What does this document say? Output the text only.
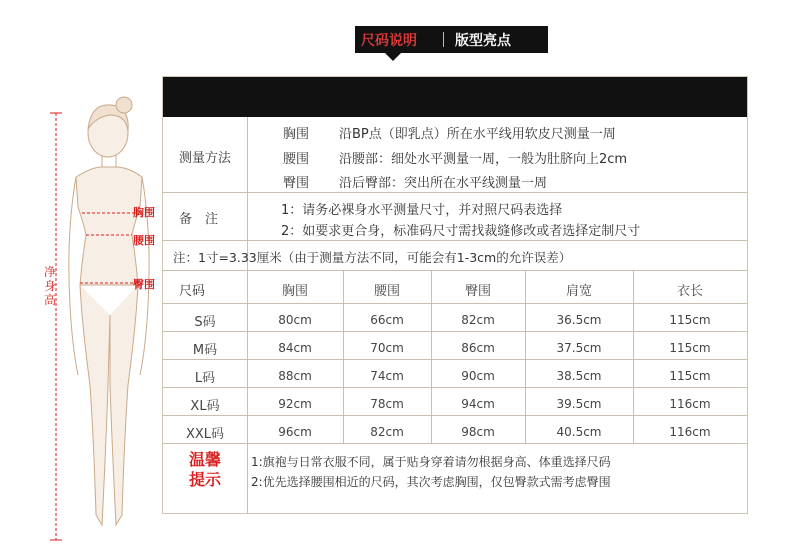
尺码说明	版型亮点
胸围
腰围
臀围
净身高
测量方法
胸围 沿BP点（即乳点）所在水平线用软皮尺测量一周
腰围 沿腰部：细处水平测量一周，一般为肚脐向上2cm
臀围 沿后臀部：突出所在水平线测量一周
备　注
1：请务必裸身水平测量尺寸，并对照尺码表选择
2：如要求更合身，标准码尺寸需找裁缝修改或者选择定制尺寸
注：1寸=3.33厘米（由于测量方法不同，可能会有1-3cm的允许误差）
尺码	胸围	腰围	臀围	肩宽	衣长
S码	80cm	66cm	82cm	36.5cm	115cm
M码	84cm	70cm	86cm	37.5cm	115cm
L码	88cm	74cm	90cm	38.5cm	115cm
XL码	92cm	78cm	94cm	39.5cm	116cm
XXL码	96cm	82cm	98cm	40.5cm	116cm
温馨
提示
1:旗袍与日常衣服不同，属于贴身穿着请勿根据身高、体重选择尺码
2:优先选择腰围相近的尺码，其次考虑胸围，仅包臀款式需考虑臀围
